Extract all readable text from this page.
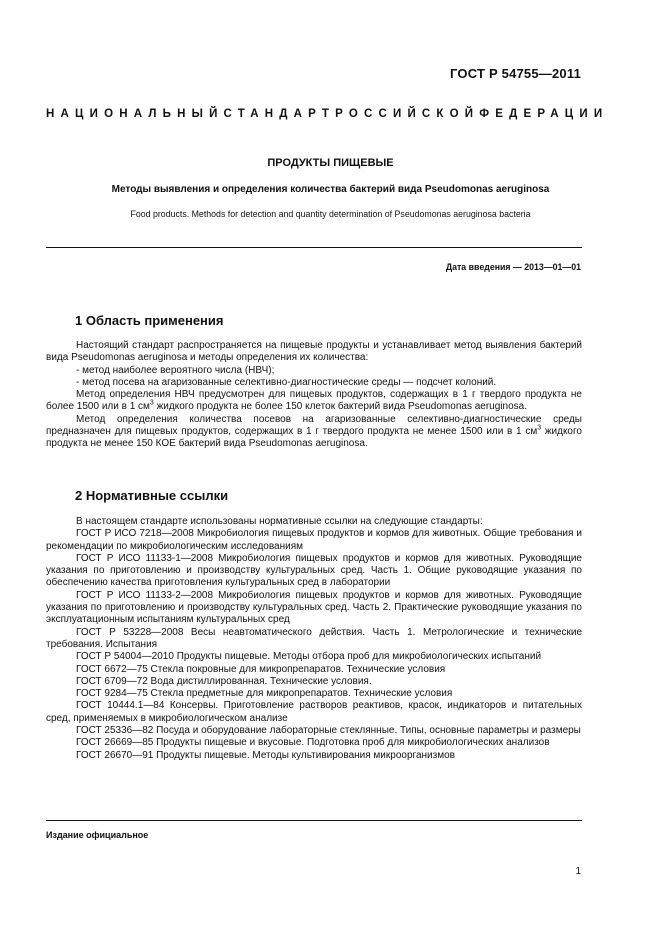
ГОСТ Р 54755—2011
НАЦИОНАЛЬНЫЙ СТАНДАРТ РОССИЙСКОЙ ФЕДЕРАЦИИ
ПРОДУКТЫ ПИЩЕВЫЕ
Методы выявления и определения количества бактерий вида Pseudomonas aeruginosa
Food products. Methods for detection and quantity determination of Pseudomonas aeruginosa bacteria
Дата введения — 2013—01—01
1 Область применения

Настоящий стандарт распространяется на пищевые продукты и устанавливает метод выявления бактерий вида Pseudomonas aeruginosa и методы определения их количества:

- метод наиболее вероятного числа (НВЧ);

- метод посева на агаризованные селективно-диагностические среды — подсчет колоний.

Метод определения НВЧ предусмотрен для пищевых продуктов, содержащих в 1 г твердого продукта не более 1500 или в 1 $см^3$ жидкого продукта не более 150 клеток бактерий вида Pseudomonas aeruginosa.

Метод определения количества посевов на агаризованные селективно-диагностические среды предназначен для пищевых продуктов, содержащих в 1 г твердого продукта не менее 1500 или в 1 $см^3$ жидкого продукта не менее 150 КОЕ бактерий вида Pseudomonas aeruginosa.

2 Нормативные ссылки

В настоящем стандарте использованы нормативные ссылки на следующие стандарты:

ГОСТ Р ИСО 7218—2008 Микробиология пищевых продуктов и кормов для животных. Общие требования и рекомендации по микробиологическим исследованиям

ГОСТ Р ИСО 11133-1—2008 Микробиология пищевых продуктов и кормов для животных. Руководящие указания по приготовлению и производству культуральных сред. Часть 1. Общие руководящие указания по обеспечению качества приготовления культуральных сред в лаборатории

ГОСТ Р ИСО 11133-2—2008 Микробиология пищевых продуктов и кормов для животных. Руководящие указания по приготовлению и производству культуральных сред. Часть 2. Практические руководящие указания по эксплуатационным испытаниям культуральных сред

ГОСТ Р 53228—2008 Весы неавтоматического действия. Часть 1. Метрологические и технические требования. Испытания

ГОСТ Р 54004—2010 Продукты пищевые. Методы отбора проб для микробиологических испытаний

ГОСТ 6672—75 Стекла покровные для микропрепаратов. Технические условия

ГОСТ 6709—72 Вода дистиллированная. Технические условия.

ГОСТ 9284—75 Стекла предметные для микропрепаратов. Технические условия

ГОСТ 10444.1—84 Консервы. Приготовление растворов реактивов, красок, индикаторов и питательных сред, применяемых в микробиологическом анализе

ГОСТ 25336—82 Посуда и оборудование лабораторные стеклянные. Типы, основные параметры и размеры

ГОСТ 26669—85 Продукты пищевые и вкусовые. Подготовка проб для микробиологических анализов

ГОСТ 26670—91 Продукты пищевые. Методы культивирования микроорганизмов

Издание официальное
1
